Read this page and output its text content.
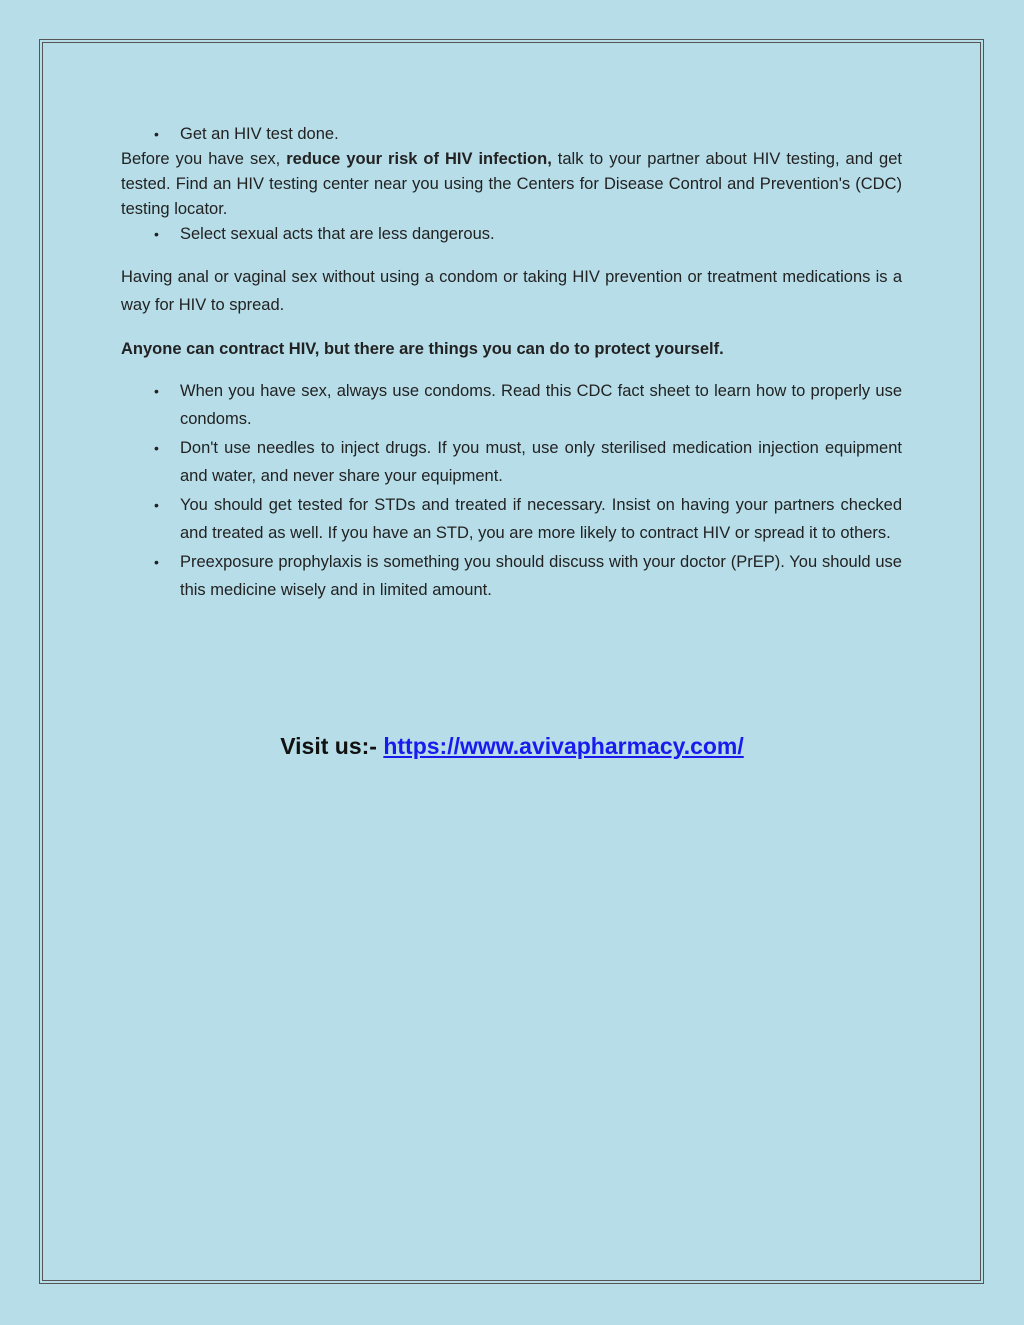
• Get an HIV test done.
Before you have sex, reduce your risk of HIV infection, talk to your partner about HIV testing, and get tested. Find an HIV testing center near you using the Centers for Disease Control and Prevention's (CDC) testing locator.
• Select sexual acts that are less dangerous.
Having anal or vaginal sex without using a condom or taking HIV prevention or treatment medications is a way for HIV to spread.
Anyone can contract HIV, but there are things you can do to protect yourself.
• When you have sex, always use condoms. Read this CDC fact sheet to learn how to properly use condoms.
• Don't use needles to inject drugs. If you must, use only sterilised medication injection equipment and water, and never share your equipment.
• You should get tested for STDs and treated if necessary. Insist on having your partners checked and treated as well. If you have an STD, you are more likely to contract HIV or spread it to others.
• Preexposure prophylaxis is something you should discuss with your doctor (PrEP). You should use this medicine wisely and in limited amount.
Visit us:- https://www.avivapharmacy.com/
